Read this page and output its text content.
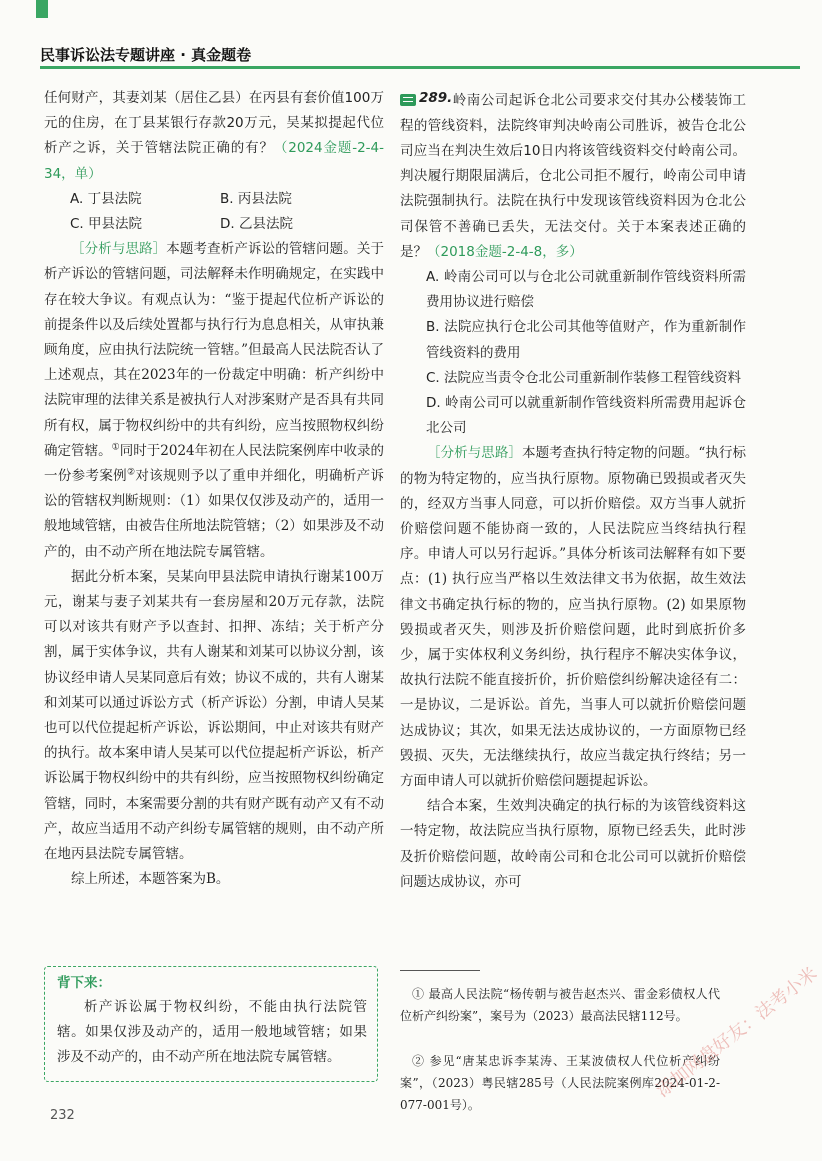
民事诉讼法专题讲座 · 真金题卷

任何财产，其妻刘某（居住乙县）在丙县有套价值100万元的住房，在丁县某银行存款20万元，吴某拟提起代位析产之诉，关于管辖法院正确的有？（2024金题-2-4-34，单）

A. 丁县法院	B. 丙县法院
C. 甲县法院	D. 乙县法院

［分析与思路］本题考查析产诉讼的管辖问题。关于析产诉讼的管辖问题，司法解释未作明确规定，在实践中存在较大争议。有观点认为：“鉴于提起代位析产诉讼的前提条件以及后续处置都与执行行为息息相关，从审执兼顾角度，应由执行法院统一管辖。”但最高人民法院否认了上述观点，其在2023年的一份裁定中明确：析产纠纷中法院审理的法律关系是被执行人对涉案财产是否具有共同所有权，属于物权纠纷中的共有纠纷，应当按照物权纠纷确定管辖。①同时于2024年初在人民法院案例库中收录的一份参考案例②对该规则予以了重申并细化，明确析产诉讼的管辖权判断规则：（1）如果仅仅涉及动产的，适用一般地域管辖，由被告住所地法院管辖；（2）如果涉及不动产的，由不动产所在地法院专属管辖。

据此分析本案，吴某向甲县法院申请执行谢某100万元，谢某与妻子刘某共有一套房屋和20万元存款，法院可以对该共有财产予以查封、扣押、冻结；关于析产分割，属于实体争议，共有人谢某和刘某可以协议分割，该协议经申请人吴某同意后有效；协议不成的，共有人谢某和刘某可以通过诉讼方式（析产诉讼）分割，申请人吴某也可以代位提起析产诉讼，诉讼期间，中止对该共有财产的执行。故本案申请人吴某可以代位提起析产诉讼，析产诉讼属于物权纠纷中的共有纠纷，应当按照物权纠纷确定管辖，同时，本案需要分割的共有财产既有动产又有不动产，故应当适用不动产纠纷专属管辖的规则，由不动产所在地丙县法院专属管辖。

综上所述，本题答案为B。

背下来：

析产诉讼属于物权纠纷，不能由执行法院管辖。如果仅涉及动产的，适用一般地域管辖；如果涉及不动产的，由不动产所在地法院专属管辖。

289. 岭南公司起诉仓北公司要求交付其办公楼装饰工程的管线资料，法院终审判决岭南公司胜诉，被告仓北公司应当在判决生效后10日内将该管线资料交付岭南公司。判决履行期限届满后，仓北公司拒不履行，岭南公司申请法院强制执行。法院在执行中发现该管线资料因为仓北公司保管不善确已丢失，无法交付。关于本案表述正确的是？（2018金题-2-4-8，多）

A. 岭南公司可以与仓北公司就重新制作管线资料所需费用协议进行赔偿

B. 法院应执行仓北公司其他等值财产，作为重新制作管线资料的费用

C. 法院应当责令仓北公司重新制作装修工程管线资料

D. 岭南公司可以就重新制作管线资料所需费用起诉仓北公司

［分析与思路］本题考查执行特定物的问题。“执行标的物为特定物的，应当执行原物。原物确已毁损或者灭失的，经双方当事人同意，可以折价赔偿。双方当事人就折价赔偿问题不能协商一致的，人民法院应当终结执行程序。申请人可以另行起诉。”具体分析该司法解释有如下要点：(1) 执行应当严格以生效法律文书为依据，故生效法律文书确定执行标的物的，应当执行原物。(2) 如果原物毁损或者灭失，则涉及折价赔偿问题，此时到底折价多少，属于实体权利义务纠纷，执行程序不解决实体争议，故执行法院不能直接折价，折价赔偿纠纷解决途径有二：一是协议，二是诉讼。首先，当事人可以就折价赔偿问题达成协议；其次，如果无法达成协议的，一方面原物已经毁损、灭失，无法继续执行，故应当裁定执行终结；另一方面申请人可以就折价赔偿问题提起诉讼。

结合本案，生效判决确定的执行标的为该管线资料这一特定物，故法院应当执行原物，原物已经丢失，此时涉及折价赔偿问题，故岭南公司和仓北公司可以就折价赔偿问题达成协议，亦可

① 最高人民法院“杨传朝与被告赵杰兴、雷金彩债权人代位析产纠纷案”，案号为（2023）最高法民辖112号。

② 参见“唐某忠诉李某涛、王某波债权人代位析产纠纷案”，（2023）粤民辖285号（人民法院案例库2024-01-2-077-001号）。

232
添加网盘好友：法考小米
